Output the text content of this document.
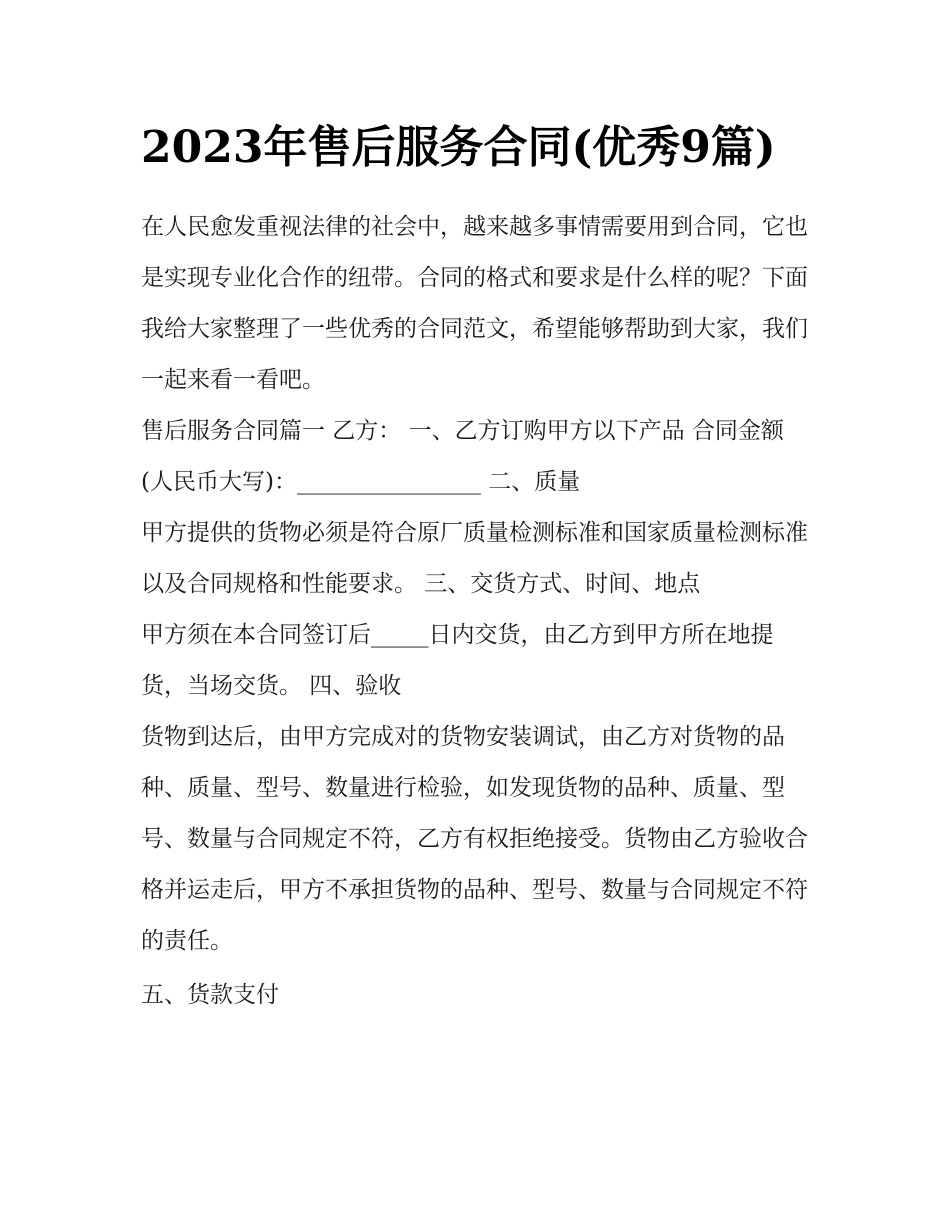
2023年售后服务合同(优秀9篇)

在人民愈发重视法律的社会中，越来越多事情需要用到合同，它也是实现专业化合作的纽带。合同的格式和要求是什么样的呢？下面我给大家整理了一些优秀的合同范文，希望能够帮助到大家，我们一起来看一看吧。

售后服务合同篇一 乙方： 一、乙方订购甲方以下产品 合同金额(人民币大写)：________________ 二、质量

甲方提供的货物必须是符合原厂质量检测标准和国家质量检测标准以及合同规格和性能要求。 三、交货方式、时间、地点

甲方须在本合同签订后_____日内交货，由乙方到甲方所在地提货，当场交货。 四、验收

货物到达后，由甲方完成对的货物安装调试，由乙方对货物的品种、质量、型号、数量进行检验，如发现货物的品种、质量、型号、数量与合同规定不符，乙方有权拒绝接受。货物由乙方验收合格并运走后，甲方不承担货物的品种、型号、数量与合同规定不符的责任。

五、货款支付
